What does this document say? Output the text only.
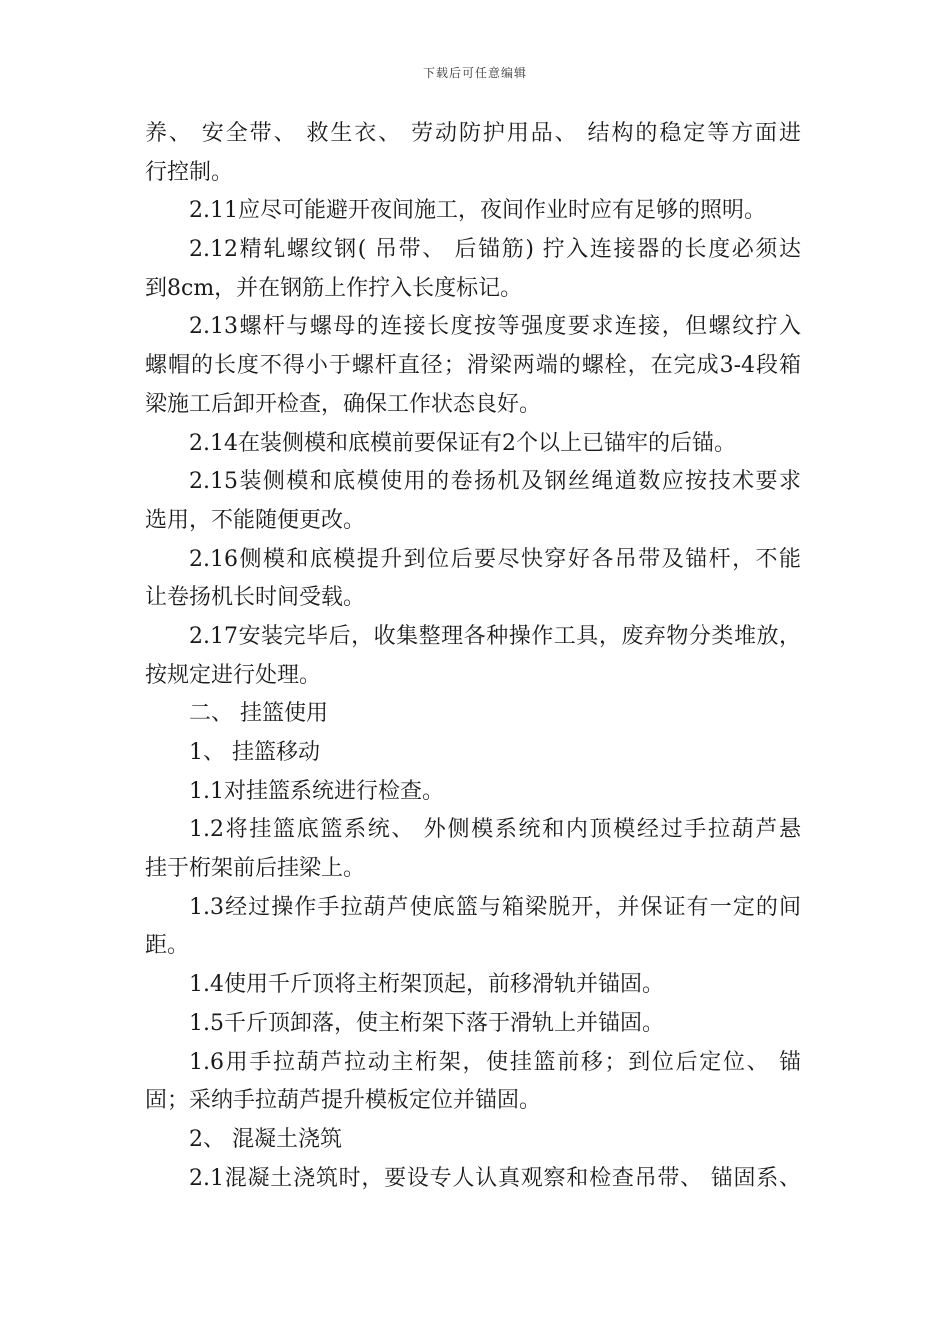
下载后可任意编辑
养、 安全带、 救生衣、 劳动防护用品、 结构的稳定等方面进
行控制。
2.11应尽可能避开夜间施工，夜间作业时应有足够的照明。
2.12精轧螺纹钢( 吊带、 后锚筋) 拧入连接器的长度必须达
到8cm，并在钢筋上作拧入长度标记。
2.13螺杆与螺母的连接长度按等强度要求连接，但螺纹拧入
螺帽的长度不得小于螺杆直径；滑梁两端的螺栓，在完成3-4段箱
梁施工后卸开检查，确保工作状态良好。
2.14在装侧模和底模前要保证有2个以上已锚牢的后锚。
2.15装侧模和底模使用的卷扬机及钢丝绳道数应按技术要求
选用，不能随便更改。
2.16侧模和底模提升到位后要尽快穿好各吊带及锚杆，不能
让卷扬机长时间受载。
2.17安装完毕后，收集整理各种操作工具，废弃物分类堆放，
按规定进行处理。
二、 挂篮使用
1、 挂篮移动
1.1对挂篮系统进行检查。
1.2将挂篮底篮系统、 外侧模系统和内顶模经过手拉葫芦悬
挂于桁架前后挂梁上。
1.3经过操作手拉葫芦使底篮与箱梁脱开，并保证有一定的间
距。
1.4使用千斤顶将主桁架顶起，前移滑轨并锚固。
1.5千斤顶卸落，使主桁架下落于滑轨上并锚固。
1.6用手拉葫芦拉动主桁架，使挂篮前移；到位后定位、 锚
固；采纳手拉葫芦提升模板定位并锚固。
2、 混凝土浇筑
2.1混凝土浇筑时，要设专人认真观察和检查吊带、 锚固系、
